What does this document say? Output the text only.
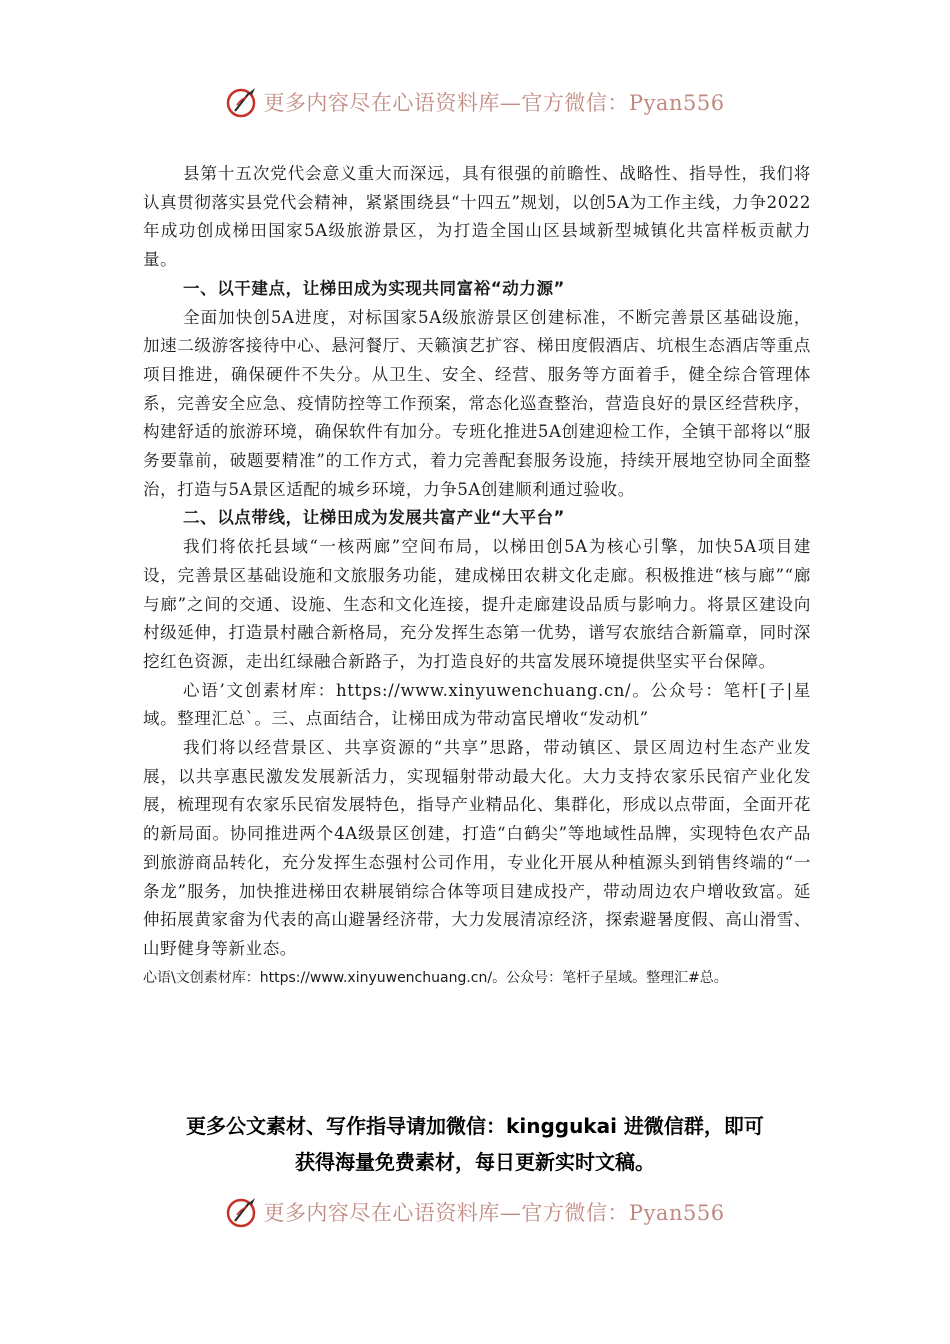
更多内容尽在心语资料库—官方微信：Pyan556

县第十五次党代会意义重大而深远，具有很强的前瞻性、战略性、指导性，我们将认真贯彻落实县党代会精神，紧紧围绕县“十四五”规划，以创5A为工作主线，力争2022年成功创成梯田国家5A级旅游景区，为打造全国山区县域新型城镇化共富样板贡献力量。

一、以干建点，让梯田成为实现共同富裕“动力源”

全面加快创5A进度，对标国家5A级旅游景区创建标准，不断完善景区基础设施，加速二级游客接待中心、悬河餐厅、天籁演艺扩容、梯田度假酒店、坑根生态酒店等重点项目推进，确保硬件不失分。从卫生、安全、经营、服务等方面着手，健全综合管理体系，完善安全应急、疫情防控等工作预案，常态化巡查整治，营造良好的景区经营秩序，构建舒适的旅游环境，确保软件有加分。专班化推进5A创建迎检工作，全镇干部将以“服务要靠前，破题要精准”的工作方式，着力完善配套服务设施，持续开展地空协同全面整治，打造与5A景区适配的城乡环境，力争5A创建顺利通过验收。

二、以点带线，让梯田成为发展共富产业“大平台”

我们将依托县域“一核两廊”空间布局，以梯田创5A为核心引擎，加快5A项目建设，完善景区基础设施和文旅服务功能，建成梯田农耕文化走廊。积极推进“核与廊”“廊与廊”之间的交通、设施、生态和文化连接，提升走廊建设品质与影响力。将景区建设向村级延伸，打造景村融合新格局，充分发挥生态第一优势，谱写农旅结合新篇章，同时深挖红色资源，走出红绿融合新路子，为打造良好的共富发展环境提供坚实平台保障。

心语’文创素材库：https://www.xinyuwenchuang.cn/。公众号：笔杆[子|星域。整理汇总`。三、点面结合，让梯田成为带动富民增收“发动机”

我们将以经营景区、共享资源的“共享”思路，带动镇区、景区周边村生态产业发展，以共享惠民激发发展新活力，实现辐射带动最大化。大力支持农家乐民宿产业化发展，梳理现有农家乐民宿发展特色，指导产业精品化、集群化，形成以点带面，全面开花的新局面。协同推进两个4A级景区创建，打造“白鹤尖”等地域性品牌，实现特色农产品到旅游商品转化，充分发挥生态强村公司作用，专业化开展从种植源头到销售终端的“一条龙”服务，加快推进梯田农耕展销综合体等项目建成投产，带动周边农户增收致富。延伸拓展黄家畲为代表的高山避暑经济带，大力发展清凉经济，探索避暑度假、高山滑雪、山野健身等新业态。

心语\文创素材库：https://www.xinyuwenchuang.cn/。公众号：笔杆子星域。整理汇#总。

更多公文素材、写作指导请加微信：kinggukai 进微信群，即可
获得海量免费素材，每日更新实时文稿。
更多内容尽在心语资料库—官方微信：Pyan556
